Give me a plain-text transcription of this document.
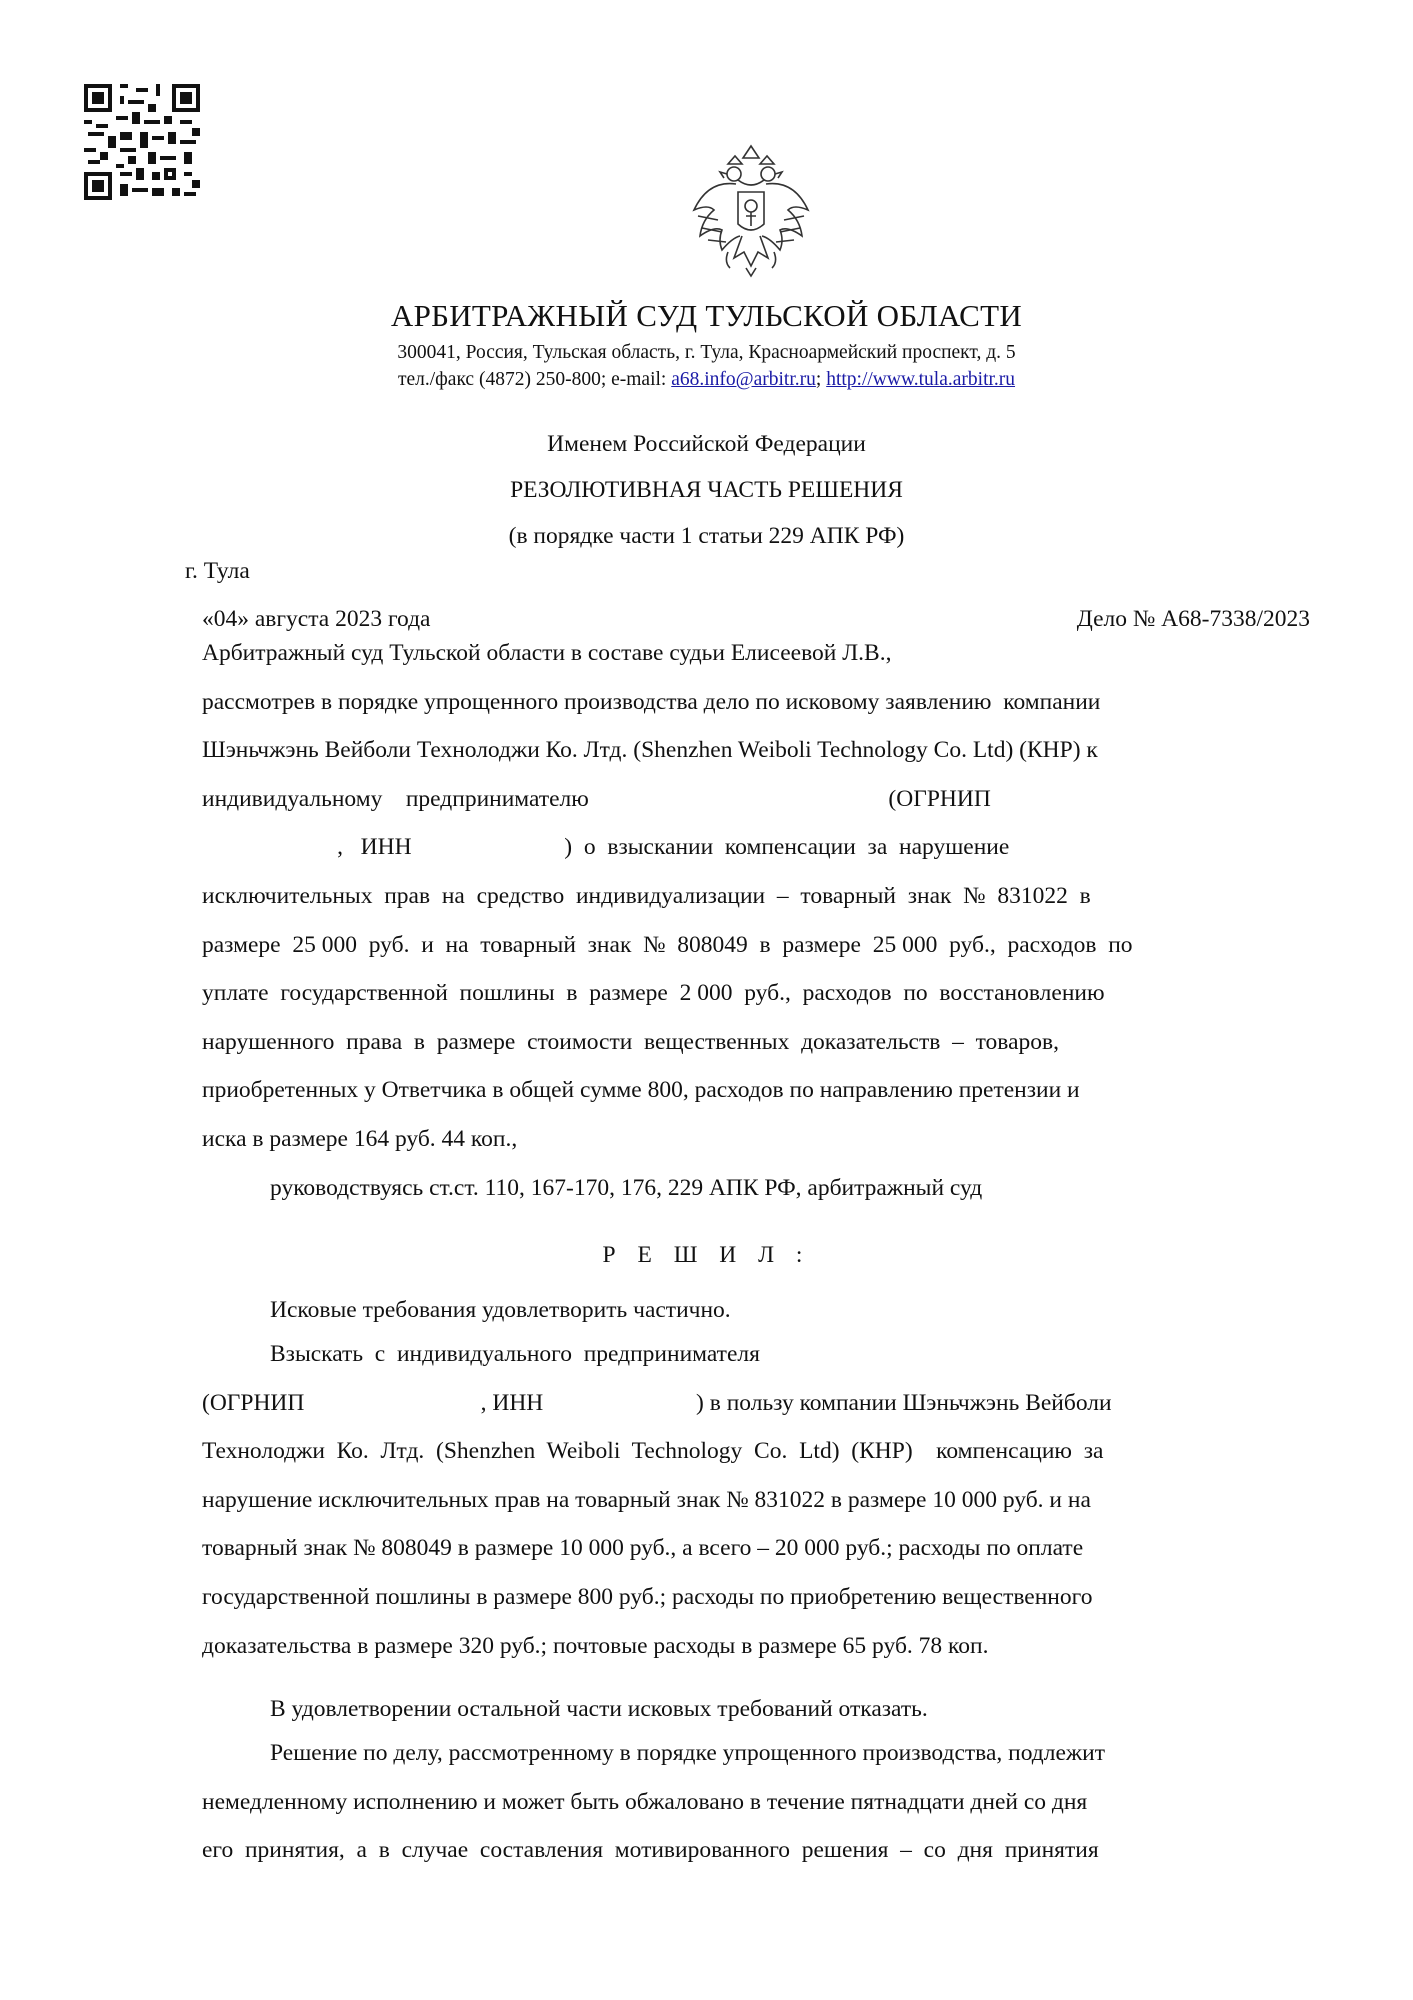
АРБИТРАЖНЫЙ СУД ТУЛЬСКОЙ ОБЛАСТИ
300041, Россия, Тульская область, г. Тула, Красноармейский проспект, д. 5
тел./факс (4872) 250-800; e-mail: a68.info@arbitr.ru; http://www.tula.arbitr.ru
Именем Российской Федерации
РЕЗОЛЮТИВНАЯ ЧАСТЬ РЕШЕНИЯ
(в порядке части 1 статьи 229 АПК РФ)
г. Тула
«04» августа 2023 года	Дело № А68-7338/2023
Арбитражный суд Тульской области в составе судьи Елисеевой Л.В.,
рассмотрев в порядке упрощенного производства дело по исковому заявлению  компании
Шэньчжэнь Вейболи Технолоджи Ко. Лтд. (Shenzhen Weiboli Technology Co. Ltd) (КНР) к
индивидуальному    предпринимателю                                                   (ОГРНИП
,   ИНН                          )  о  взыскании  компенсации  за  нарушение
исключительных  прав  на  средство  индивидуализации  –  товарный  знак  №  831022  в
размере  25 000  руб.  и  на  товарный  знак  №  808049  в  размере  25 000  руб.,  расходов  по
уплате  государственной  пошлины  в  размере  2 000  руб.,  расходов  по  восстановлению
нарушенного  права  в  размере  стоимости  вещественных  доказательств  –  товаров,
приобретенных у Ответчика в общей сумме 800, расходов по направлению претензии и
иска в размере 164 руб. 44 коп.,
руководствуясь ст.ст. 110, 167-170, 176, 229 АПК РФ, арбитражный суд
Р Е Ш И Л :
Исковые требования удовлетворить частично.
Взыскать  с  индивидуального  предпринимателя
(ОГРНИП                              , ИНН                          ) в пользу компании Шэньчжэнь Вейболи
Технолоджи  Ко.  Лтд.  (Shenzhen  Weiboli  Technology  Co.  Ltd)  (КНР)    компенсацию  за
нарушение исключительных прав на товарный знак № 831022 в размере 10 000 руб. и на
товарный знак № 808049 в размере 10 000 руб., а всего – 20 000 руб.; расходы по оплате
государственной пошлины в размере 800 руб.; расходы по приобретению вещественного
доказательства в размере 320 руб.; почтовые расходы в размере 65 руб. 78 коп.
В удовлетворении остальной части исковых требований отказать.
Решение по делу, рассмотренному в порядке упрощенного производства, подлежит
немедленному исполнению и может быть обжаловано в течение пятнадцати дней со дня
его  принятия,  а  в  случае  составления  мотивированного  решения  –  со  дня  принятия
